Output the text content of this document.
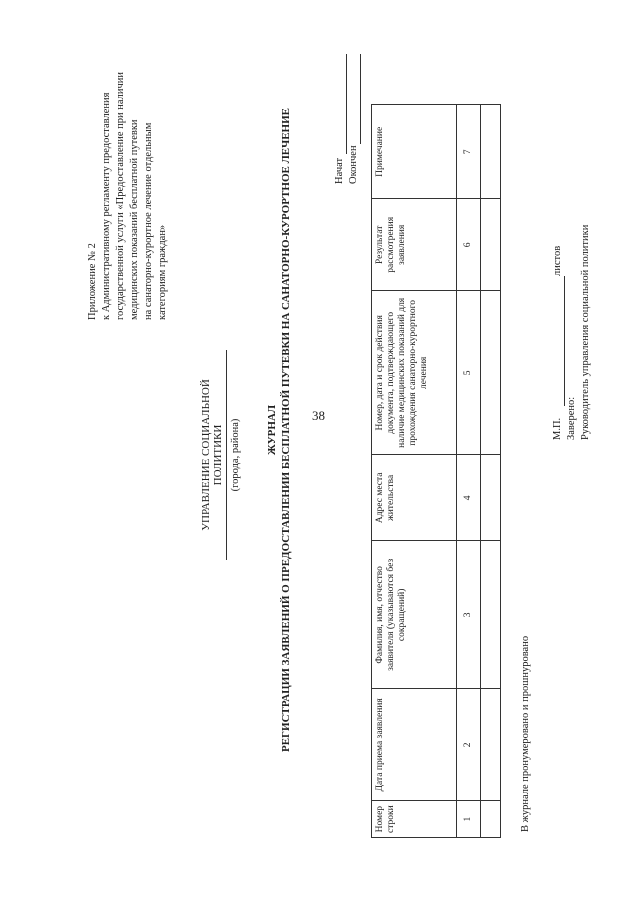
38
Приложение № 2 к Административному регламенту предоставления государственной услуги «Предоставление при наличии медицинских показаний бесплатной путевки на санаторно-курортное лечение отдельным категориям граждан»
УПРАВЛЕНИЕ СОЦИАЛЬНОЙ ПОЛИТИКИ (города, района) ЖУРНАЛ РЕГИСТРАЦИИ ЗАЯВЛЕНИЙ О ПРЕДОСТАВЛЕНИИ БЕСПЛАТНОЙ ПУТЕВКИ НА САНАТОРНО-КУРОРТНОЕ ЛЕЧЕНИЕ	Начат Окончен
Номер строки	Дата приема заявления	Фамилия, имя, отчество заявителя (указываются без сокращений)	Адрес места жительства	Номер, дата и срок действия документа, подтверждающего наличие медицинских показаний для прохождения санаторно-курортного лечения	Результат рассмотрения заявления	Примечание
1	2	3	4	5	6	7

В журнале пронумеровано и прошнуровано
листов
М.П. Заверено: Руководитель управления социальной политики
